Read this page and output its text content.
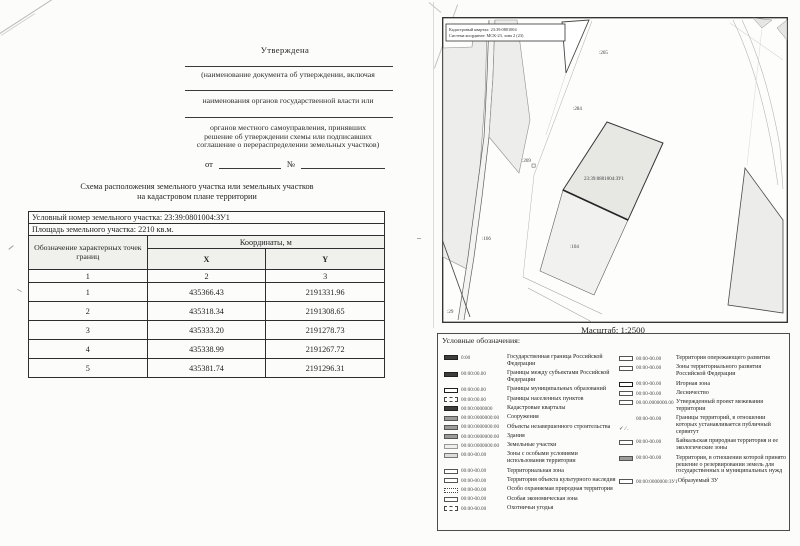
Утверждена
(наименование документа об утверждении, включая
наименования органов государственной власти или
органов местного самоуправления, принявших
решение об утверждении схемы или подписавших
соглашение о перераспределении земельных участков)
от	№
Схема расположения земельного участка или земельных участков
на кадастровом плане территории
Условный номер земельного участка: 23:39:0801004:ЗУ1		
Площадь земельного участка: 2210 кв.м.		
Обозначение характерных точек границ	Координаты, м	
	X	Y
1	2	3
1	435366.43	2191331.96
2	435318.34	2191308.65
3	435333.20	2191278.73
4	435338.99	2191267.72
5	435381.74	2191296.31
Кадастровый квартал: 23:39:0801004
Система координат: МСК-23, зона 2 (23)
:265
:284
:269
:166
:104
:29
23:39:0801004:ЗУ1
Масштаб: 1:2500
Условные обозначения:
0:00	Государственная граница Российской Федерации
00:00:00.00	Границы между субъектами Российской Федерации
00:00:00.00	Границы муниципальных образований
00:00:00.00	Границы населенных пунктов
00:00:0000000	Кадастровые кварталы
00:00:0000000:00	Сооружения
00:00:0000000:00	Объекты незавершенного строительства
00:00:0000000:00	Здания
00:00:0000000:00	Земельные участки
00:00-00.00	Зоны с особыми условиями использования территории
00:00-00.00	Территориальная зона
00:00-00.00	Территория объекта культурного наследия
00:00-00.00	Особо охраняемая природная территория
00:00-00.00	Особая экономическая зона
00:00-00.00	Охотничьи угодья
00:00-00.00	Территория опережающего развития
00:00-00.00	Зоны территориального развития Российской Федерации
00:00-00.00	Игорная зона
00:00-00.00	Лесничество
00.00.0000000.00 Утвержденный проект межевания территории
✓ ∕ .
00:00-00.00	Границы территорий, в отношении которых устанавливается публичный сервитут
00:00-00.00	Байкальская природная территория и ее экологические зоны
00:00-00.00	Территория, в отношении которой принято решение о резервировании земель для государственных и муниципальных нужд
00:00:0000000:ЗУ1 Образуемый ЗУ
